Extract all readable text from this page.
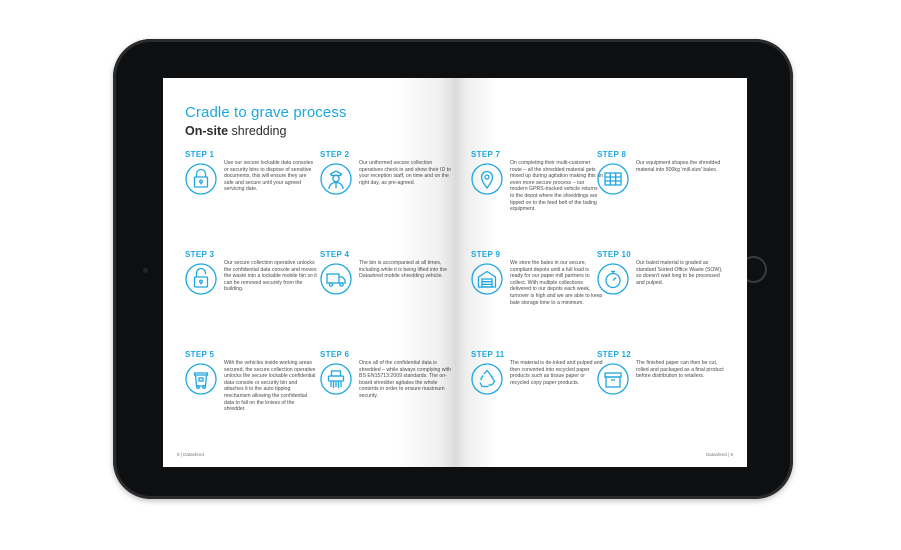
Cradle to grave process
On-site shredding
STEP 1
Use our secure lockable data consoles or security bins to dispose of sensitive documents, this will ensure they are safe and secure until your agreed servicing date.
STEP 2
Our uniformed secure collection operatives check in and show their ID to your reception staff, on time and on the right day, as pre-agreed.
STEP 3
Our secure collection operative unlocks the confidential data console and moves the waste into a lockable mobile bin so it can be removed securely from the building.
STEP 4
The bin is accompanied at all times, including while it is being lifted into the Datashred mobile shredding vehicle.
STEP 5
With the vehicles inside working areas secured, the secure collection operative unlocks the secure lockable confidential data console or security bin and attaches it to the auto tipping mechanism allowing the confidential data to fall on the knives of the shredder.
STEP 6
Once all of the confidential data is shredded – while always complying with BS EN15713:2009 standards. The on-board shredder agitates the whole contents in order to ensure maximum security.
8 | Datashred
STEP 7
On completing their multi-customer route – all the shredded material gets mixed up during agitation making this an even more secure process – our modern GPRS-tracked vehicle returns to the depot where the shreddings are tipped on to the feed belt of the baling equipment.
STEP 8
Our equipment shapes the shredded material into 500kg 'mill-size' bales.
STEP 9
We store the bales in our secure, compliant depots until a full load is ready for our paper mill partners to collect. With multiple collections delivered to our depots each week, turnover is high and we are able to keep bale storage time to a minimum.
STEP 10
Our baled material is graded as standard Sorted Office Waste (SOW), so doesn't wait long to be processed and pulped.
STEP 11
The material is de-inked and pulped and then converted into recycled paper products such as tissue paper or recycled copy paper products.
STEP 12
The finished paper can then be cut, rolled and packaged as a final product before distribution to retailers.
Datashred | 9
